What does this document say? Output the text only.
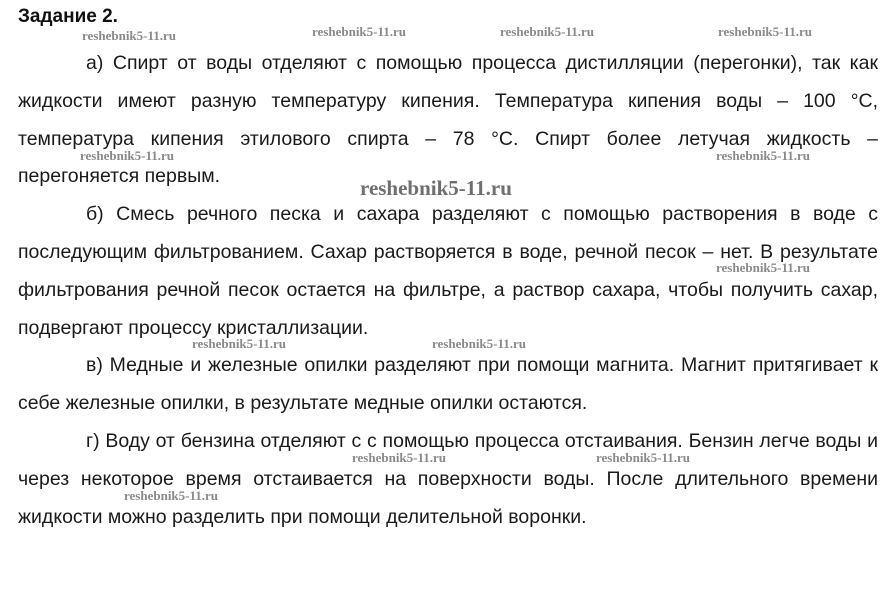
Задание 2.

а) Спирт от воды отделяют с помощью процесса дистилляции (перегонки), так как жидкости имеют разную температуру кипения. Температура кипения воды – 100 °С, температура кипения этилового спирта – 78 °С. Спирт более летучая жидкость – перегоняется первым.

б) Смесь речного песка и сахара разделяют с помощью растворения в воде с последующим фильтрованием. Сахар растворяется в воде, речной песок – нет. В результате фильтрования речной песок остается на фильтре, а раствор сахара, чтобы получить сахар, подвергают процессу кристаллизации.

в) Медные и железные опилки разделяют при помощи магнита. Магнит притягивает к себе железные опилки, в результате медные опилки остаются.

г) Воду от бензина отделяют с с помощью процесса отстаивания. Бензин легче воды и через некоторое время отстаивается на поверхности воды. После длительного времени жидкости можно разделить при помощи делительной воронки.

reshebnik5-11.ru	reshebnik5-11.ru	reshebnik5-11.ru	reshebnik5-11.ru
reshebnik5-11.ru	reshebnik5-11.ru
reshebnik5-11.ru
reshebnik5-11.ru
reshebnik5-11.ru	reshebnik5-11.ru
reshebnik5-11.ru	reshebnik5-11.ru
reshebnik5-11.ru
